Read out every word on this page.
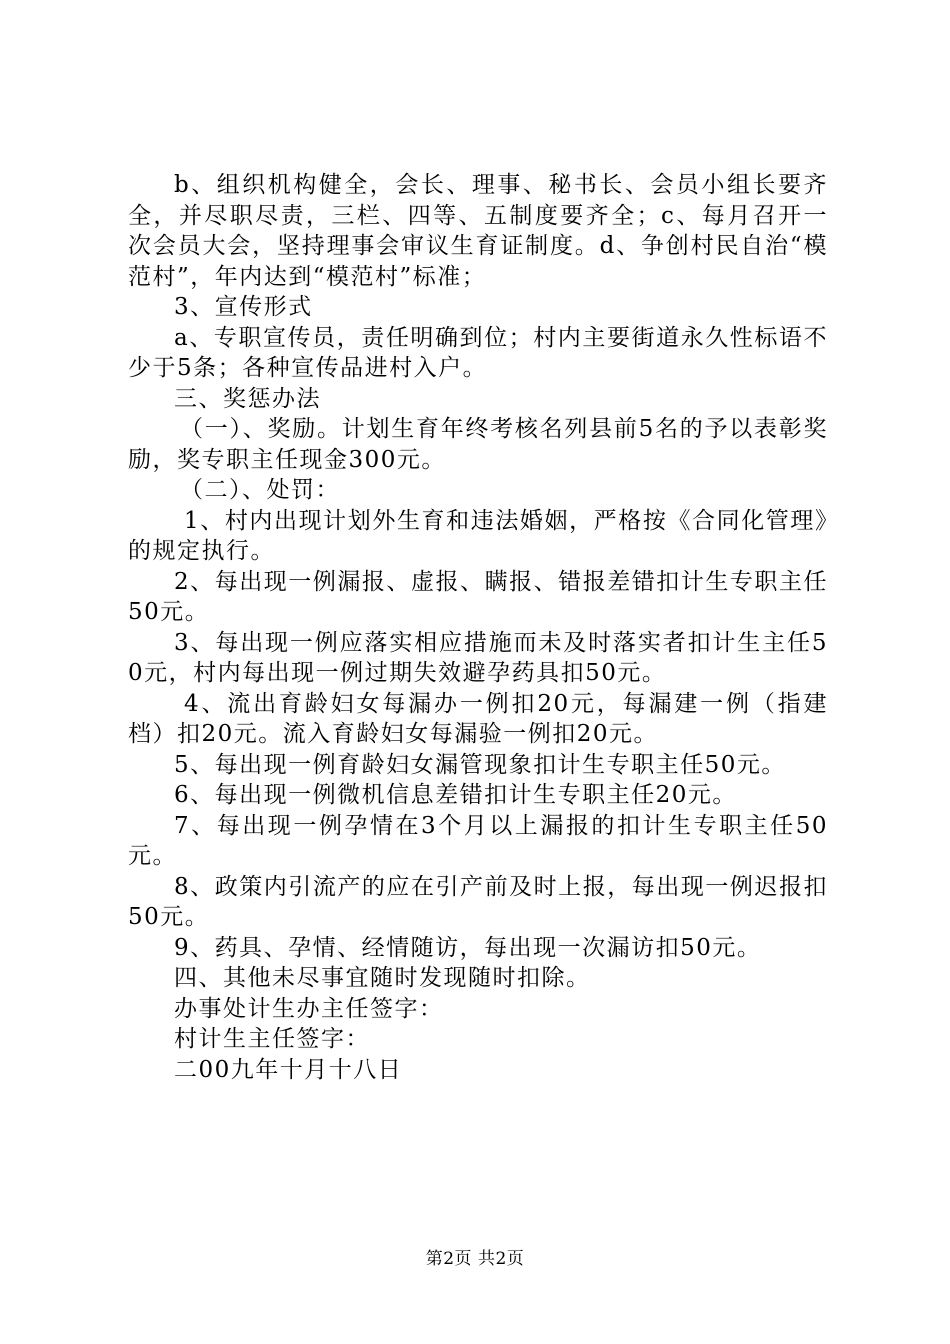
b、组织机构健全，会长、理事、秘书长、会员小组长要齐全，并尽职尽责，三栏、四等、五制度要齐全；c、每月召开一次会员大会，坚持理事会审议生育证制度。d、争创村民自治“模范村”，年内达到“模范村”标准；

3、宣传形式

a、专职宣传员，责任明确到位；村内主要街道永久性标语不少于5条；各种宣传品进村入户。

三、奖惩办法

（一）、奖励。计划生育年终考核名列县前5名的予以表彰奖励，奖专职主任现金300元。

（二）、处罚：

1、村内出现计划外生育和违法婚姻，严格按《合同化管理》的规定执行。

2、每出现一例漏报、虚报、瞒报、错报差错扣计生专职主任50元。

3、每出现一例应落实相应措施而未及时落实者扣计生主任50元，村内每出现一例过期失效避孕药具扣50元。

4、流出育龄妇女每漏办一例扣20元，每漏建一例（指建档）扣20元。流入育龄妇女每漏验一例扣20元。

5、每出现一例育龄妇女漏管现象扣计生专职主任50元。

6、每出现一例微机信息差错扣计生专职主任20元。

7、每出现一例孕情在3个月以上漏报的扣计生专职主任50元。

8、政策内引流产的应在引产前及时上报，每出现一例迟报扣50元。

9、药具、孕情、经情随访，每出现一次漏访扣50元。

四、其他未尽事宜随时发现随时扣除。

办事处计生办主任签字：

村计生主任签字：

二00九年十月十八日

第2页 共2页
